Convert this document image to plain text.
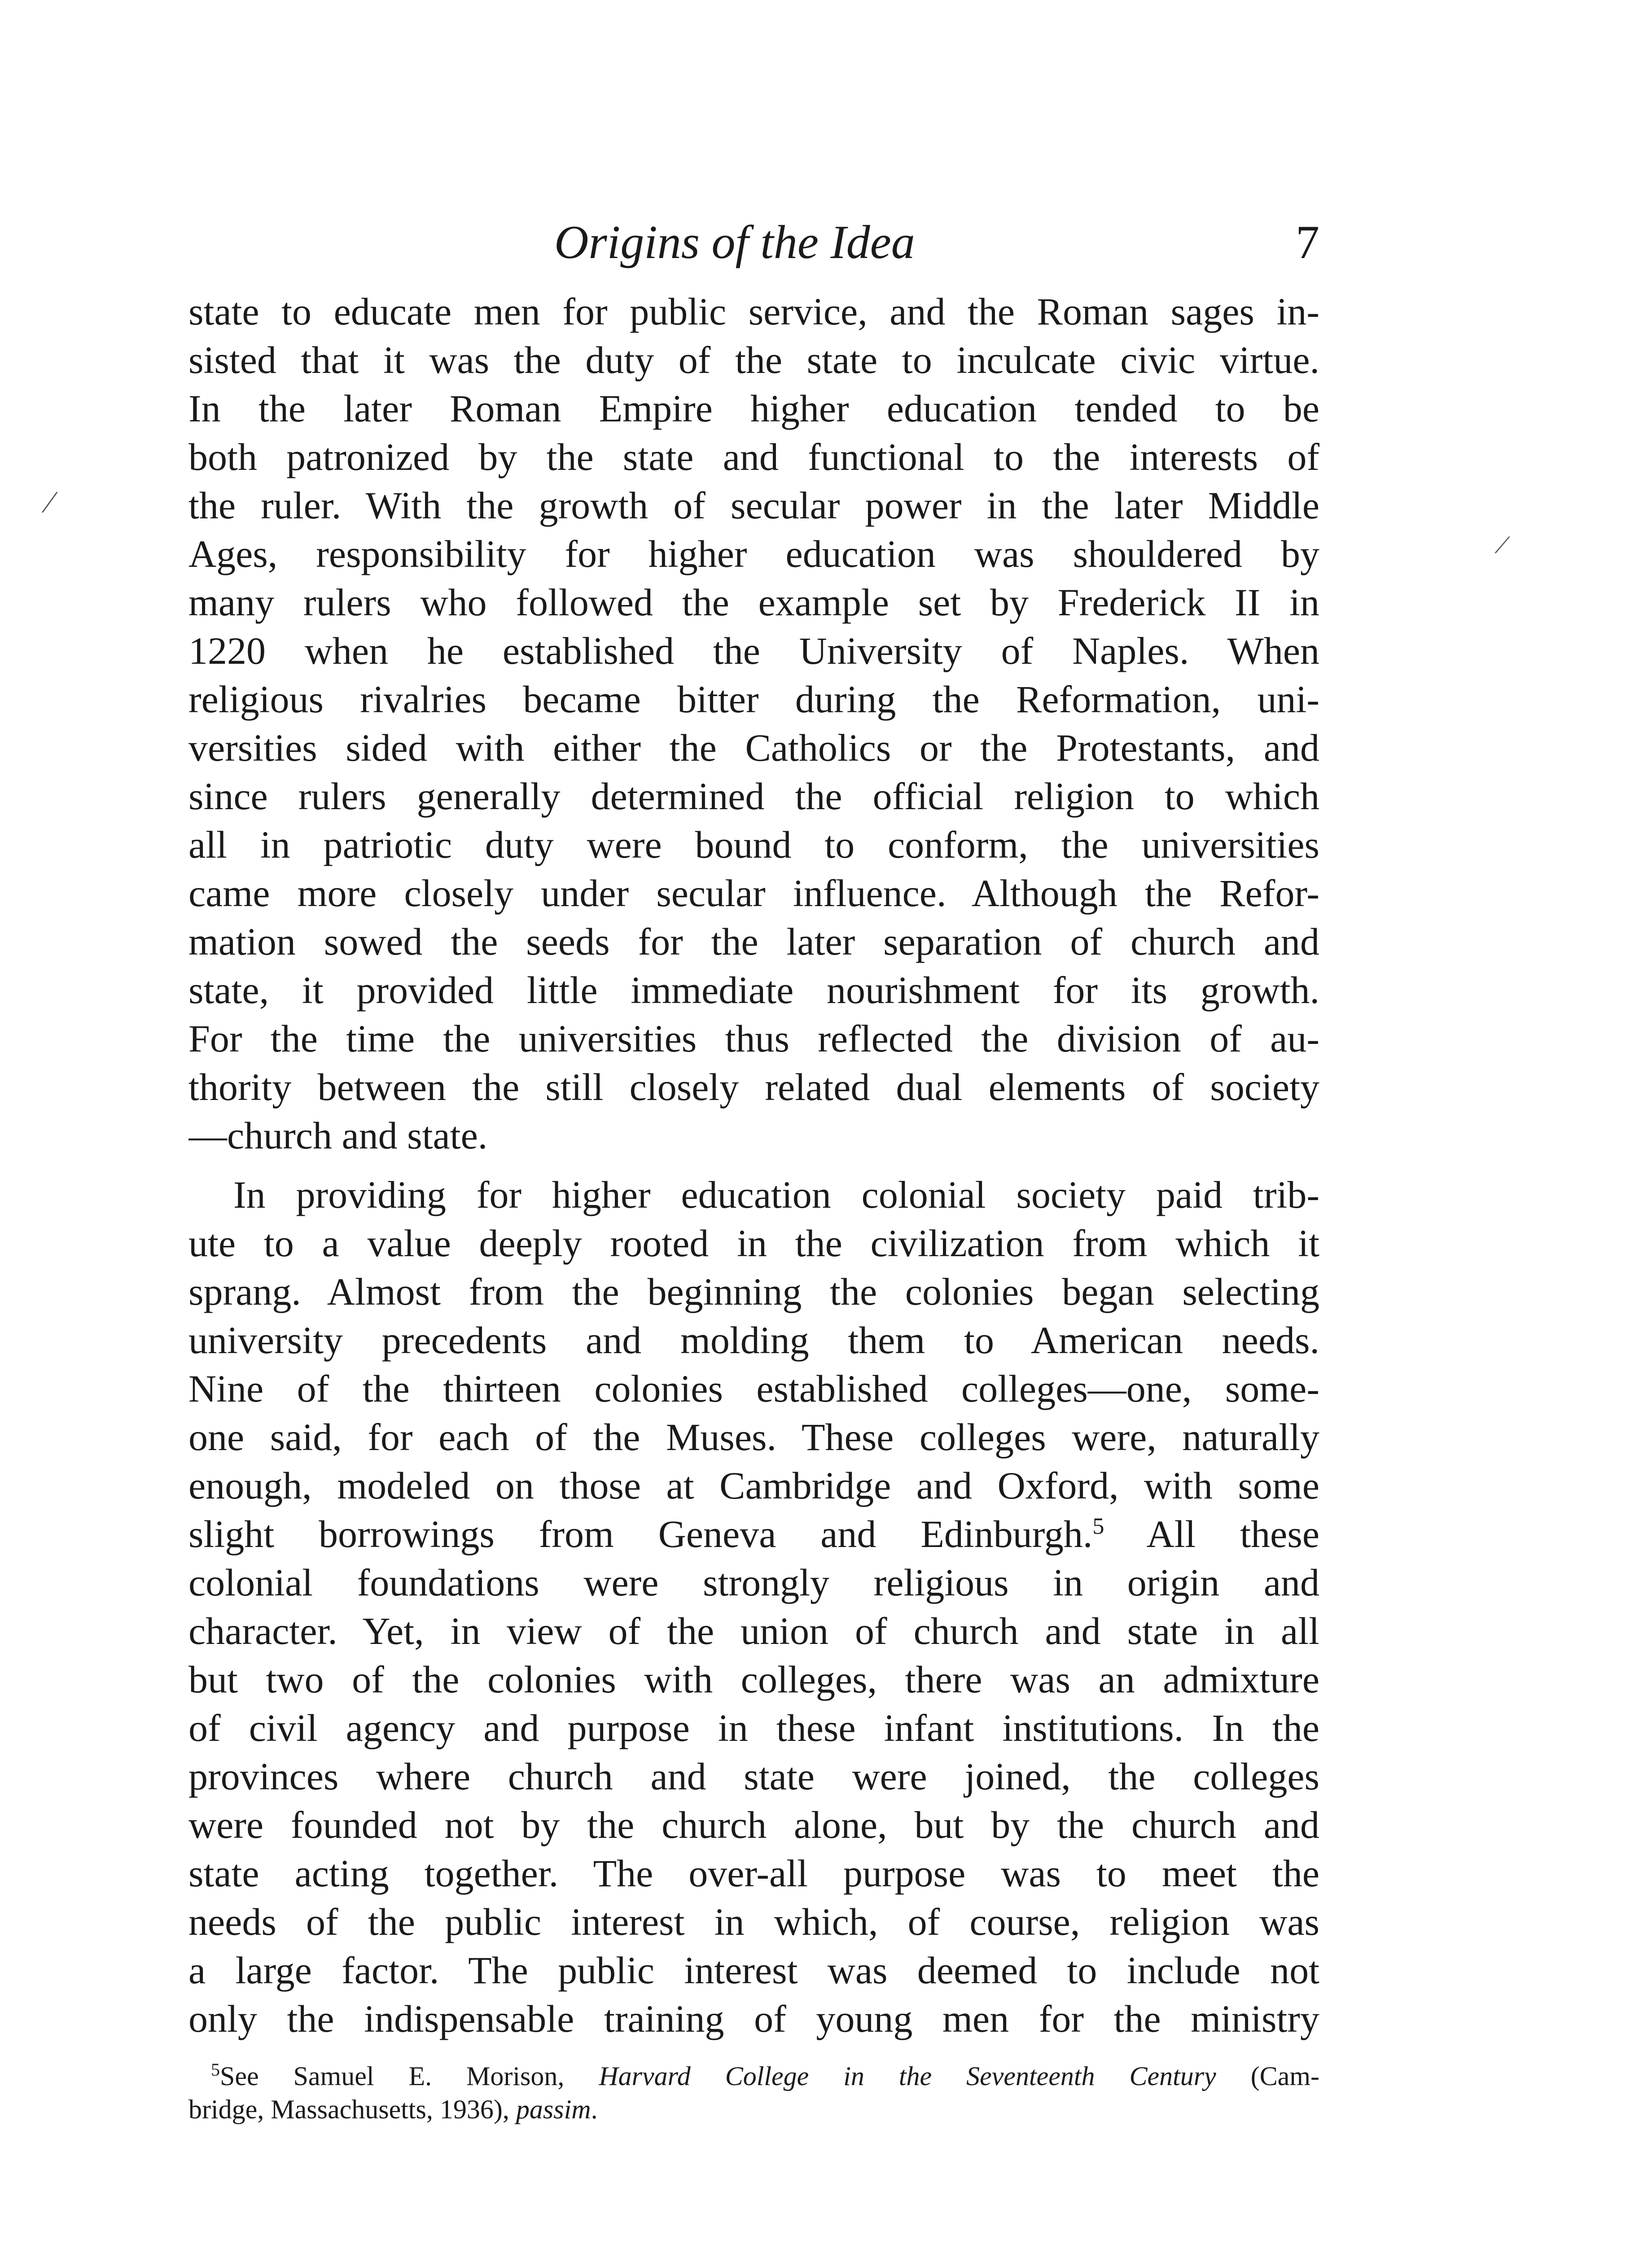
Origins of the Idea	7
state to educate men for public service, and the Roman sages in-
sisted that it was the duty of the state to inculcate civic virtue.
In the later Roman Empire higher education tended to be
both patronized by the state and functional to the interests of
the ruler. With the growth of secular power in the later Middle
Ages, responsibility for higher education was shouldered by
many rulers who followed the example set by Frederick II in
1220 when he established the University of Naples. When
religious rivalries became bitter during the Reformation, uni-
versities sided with either the Catholics or the Protestants, and
since rulers generally determined the official religion to which
all in patriotic duty were bound to conform, the universities
came more closely under secular influence. Although the Refor-
mation sowed the seeds for the later separation of church and
state, it provided little immediate nourishment for its growth.
For the time the universities thus reflected the division of au-
thority between the still closely related dual elements of society
—church and state.
In providing for higher education colonial society paid trib-
ute to a value deeply rooted in the civilization from which it
sprang. Almost from the beginning the colonies began selecting
university precedents and molding them to American needs.
Nine of the thirteen colonies established colleges—one, some-
one said, for each of the Muses. These colleges were, naturally
enough, modeled on those at Cambridge and Oxford, with some
slight borrowings from Geneva and Edinburgh.$^5$ All these
colonial foundations were strongly religious in origin and
character. Yet, in view of the union of church and state in all
but two of the colonies with colleges, there was an admixture
of civil agency and purpose in these infant institutions. In the
provinces where church and state were joined, the colleges
were founded not by the church alone, but by the church and
state acting together. The over-all purpose was to meet the
needs of the public interest in which, of course, religion was
a large factor. The public interest was deemed to include not
only the indispensable training of young men for the ministry
$^5$See Samuel E. Morison, Harvard College in the Seventeenth Century (Cam-
bridge, Massachusetts, 1936), passim.
⁄
⟋
